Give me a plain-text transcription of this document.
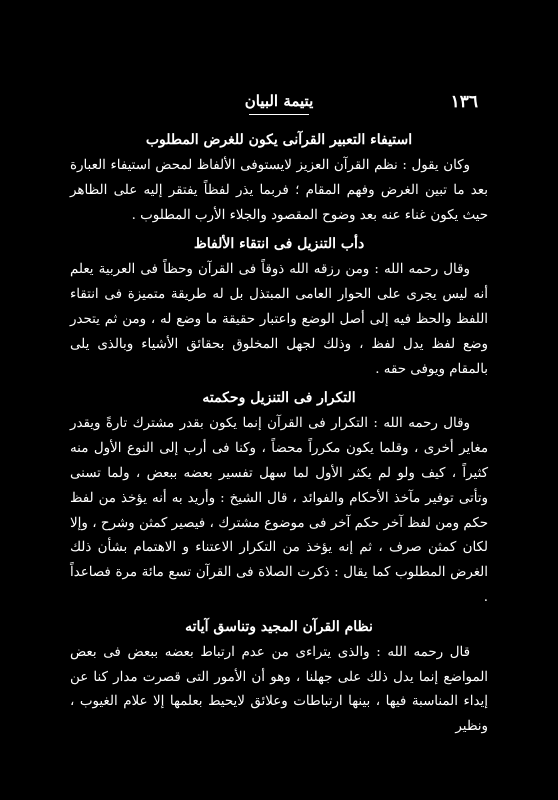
١٣٦
يتيمة البيان
استيفاء التعبير القرآنى يكون للغرض المطلوب

وكان يقول : نظم القرآن العزيز لايستوفى الألفاظ لمحض استيفاء العبارة بعد ما تبين الغرض وفهم المقام ؛ فربما يذر لفظاً يفتقر إليه على الظاهر حيث يكون غناء عنه بعد وضوح المقصود والجلاء الأرب المطلوب .

دأب التنزيل فى انتقاء الألفاظ

وقال رحمه الله : ومن رزقه الله ذوقاً فى القرآن وحظاً فى العربية يعلم أنه ليس يجرى على الحوار العامى المبتذل بل له طريقة متميزة فى انتقاء اللفظ والحظ فيه إلى أصل الوضع واعتبار حقيقة ما وضع له ، ومن ثم يتحدر وضع لفظ يدل لفظ ، وذلك لجهل المخلوق بحقائق الأشياء وبالذى يلى بالمقام ويوفى حقه .

التكرار فى التنزيل وحكمته

وقال رحمه الله : التكرار فى القرآن إنما يكون بقدر مشترك تارةً ويقدر مغاير أخرى ، وقلما يكون مكرراً محضاً ، وكنا فى أرب إلى النوع الأول منه كثيراً ، كيف ولو لم يكثر الأول لما سهل تفسير بعضه ببعض ، ولما تسنى وتأتى توفير مآخذ الأحكام والفوائد ، قال الشيخ : وأريد به أنه يؤخذ من لفظ حكم ومن لفظ آخر حكم آخر فى موضوع مشترك ، فيصير كمثن وشرح ، وإلا لكان كمثن صرف ، ثم إنه يؤخذ من التكرار الاعتناء و الاهتمام بشأن ذلك الغرض المطلوب كما يقال : ذكرت الصلاة فى القرآن تسع مائة مرة فصاعداً .

نظام القرآن المجيد وتناسق آياته

قال رحمه الله : والذى يتراءى من عدم ارتباط بعضه ببعض فى بعض المواضع إنما يدل ذلك على جهلنا ، وهو أن الأمور التى قصرت مدار كنا عن إيداء المناسبة فيها ، بينها ارتباطات وعلائق لايحيط بعلمها إلا علام الغيوب ، ونظير
